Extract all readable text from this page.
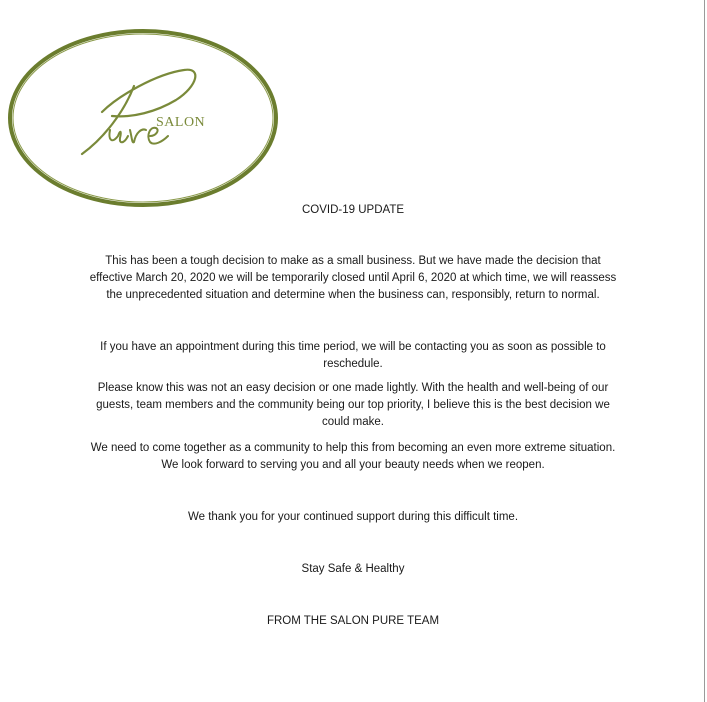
SALON
COVID-19 UPDATE
This has been a tough decision to make as a small business. But we have made the decision that
effective March 20, 2020 we will be temporarily closed until April 6, 2020 at which time, we will reassess
the unprecedented situation and determine when the business can, responsibly, return to normal.
If you have an appointment during this time period, we will be contacting you as soon as possible to
reschedule.
Please know this was not an easy decision or one made lightly. With the health and well-being of our
guests, team members and the community being our top priority, I believe this is the best decision we
could make.
We need to come together as a community to help this from becoming an even more extreme situation.
We look forward to serving you and all your beauty needs when we reopen.
We thank you for your continued support during this difficult time.
Stay Safe & Healthy
FROM THE SALON PURE TEAM
